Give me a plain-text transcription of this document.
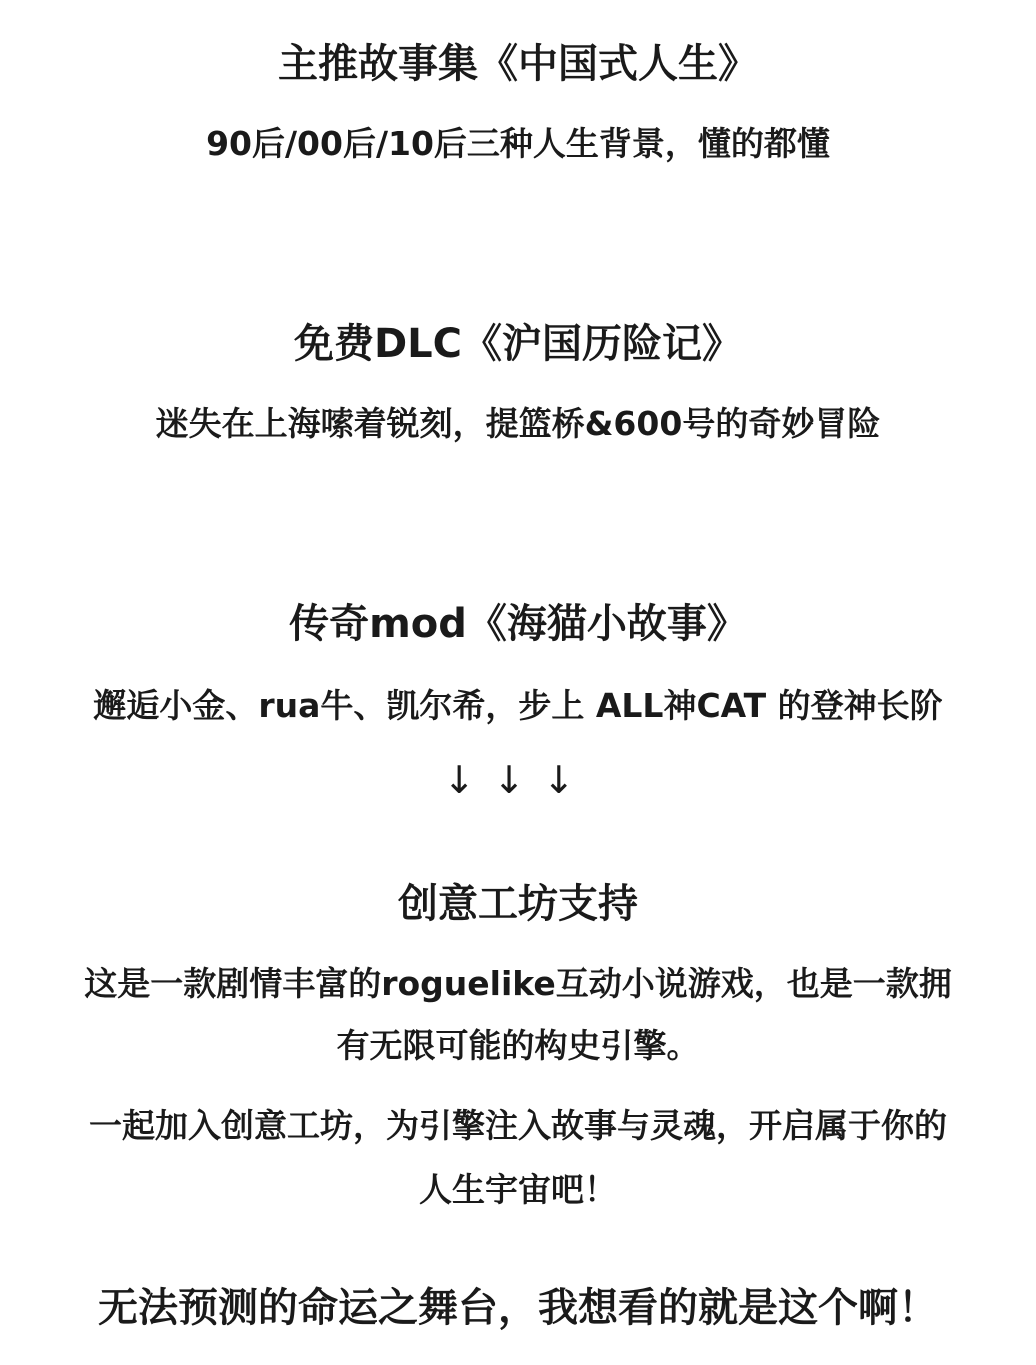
主推故事集《中国式人生》
90后/00后/10后三种人生背景，懂的都懂
免费DLC《沪国历险记》
迷失在上海嗦着锐刻，提篮桥&600号的奇妙冒险
传奇mod《海猫小故事》
邂逅小金、rua牛、凯尔希，步上 ALL神CAT 的登神长阶
↓↓↓
创意工坊支持
这是一款剧情丰富的roguelike互动小说游戏，也是一款拥
有无限可能的构史引擎。
一起加入创意工坊，为引擎注入故事与灵魂，开启属于你的
人生宇宙吧！
无法预测的命运之舞台，我想看的就是这个啊！
